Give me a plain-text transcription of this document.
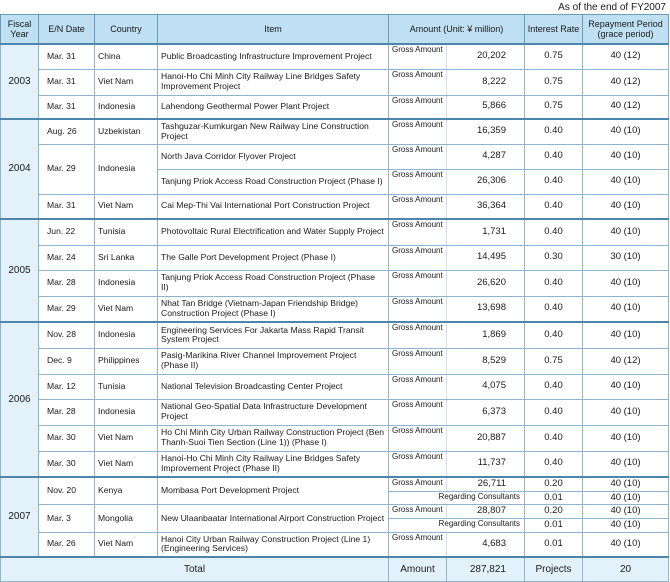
As of the end of FY2007
Fiscal Year	E/N Date	Country	Item	Amount (Unit: ¥ million)		Interest Rate	Repayment Period (grace period)
2003	Mar. 31	China	Public Broadcasting Infrastructure Improvement Project	Gross Amount	20,202	0.75	40 (12)
	Mar. 31	Viet Nam	Hanoi-Ho Chi Minh City Railway Line Bridges Safety Improvement Project	Gross Amount	8,222	0.75	40 (12)
	Mar. 31	Indonesia	Lahendong Geothermal Power Plant Project	Gross Amount	5,866	0.75	40 (12)
2004	Aug. 26	Uzbekistan	Tashguzar-Kumkurgan New Railway Line Construction Project	Gross Amount	16,359	0.40	40 (10)
	Mar. 29	Indonesia	North Java Corridor Flyover Project	Gross Amount	4,287	0.40	40 (10)
			Tanjung Priok Access Road Construction Project (Phase I)	Gross Amount	26,306	0.40	40 (10)
	Mar. 31	Viet Nam	Cai Mep-Thi Vai International Port Construction Project	Gross Amount	36,364	0.40	40 (10)
2005	Jun. 22	Tunisia	Photovoltaic Rural Electrification and Water Supply Project	Gross Amount	1,731	0.40	40 (10)
	Mar. 24	Sri Lanka	The Galle Port Development Project (Phase I)	Gross Amount	14,495	0.30	30 (10)
	Mar. 28	Indonesia	Tanjung Priok Access Road Construction Project (Phase II)	Gross Amount	26,620	0.40	40 (10)
	Mar. 29	Viet Nam	Nhat Tan Bridge (Vietnam-Japan Friendship Bridge) Construction Project (Phase I)	Gross Amount	13,698	0.40	40 (10)
2006	Nov. 28	Indonesia	Engineering Services For Jakarta Mass Rapid Transit System Project	Gross Amount	1,869	0.40	40 (10)
	Dec. 9	Philippines	Pasig-Marikina River Channel Improvement Project (Phase II)	Gross Amount	8,529	0.75	40 (12)
	Mar. 12	Tunisia	National Television Broadcasting Center Project	Gross Amount	4,075	0.40	40 (10)
	Mar. 28	Indonesia	National Geo-Spatial Data Infrastructure Development Project	Gross Amount	6,373	0.40	40 (10)
	Mar. 30	Viet Nam	Ho Chi Minh City Urban Railway Construction Project (Ben Thanh-Suoi Tien Section (Line 1)) (Phase I)	Gross Amount	20,887	0.40	40 (10)
	Mar. 30	Viet Nam	Hanoi-Ho Chi Minh City Railway Line Bridges Safety Improvement Project (Phase II)	Gross Amount	11,737	0.40	40 (10)
2007	Nov. 20	Kenya	Mombasa Port Development Project	Gross Amount	26,711	0.20	40 (10)
				Regarding Consultants		0.01	40 (10)
	Mar. 3	Mongolia	New Ulaanbaatar International Airport Construction Project	Gross Amount	28,807	0.20	40 (10)
				Regarding Consultants		0.01	40 (10)
	Mar. 26	Viet Nam	Hanoi City Urban Railway Construction Project (Line 1) (Engineering Services)	Gross Amount	4,683	0.01	40 (10)
Total				Amount	287,821	Projects	20
